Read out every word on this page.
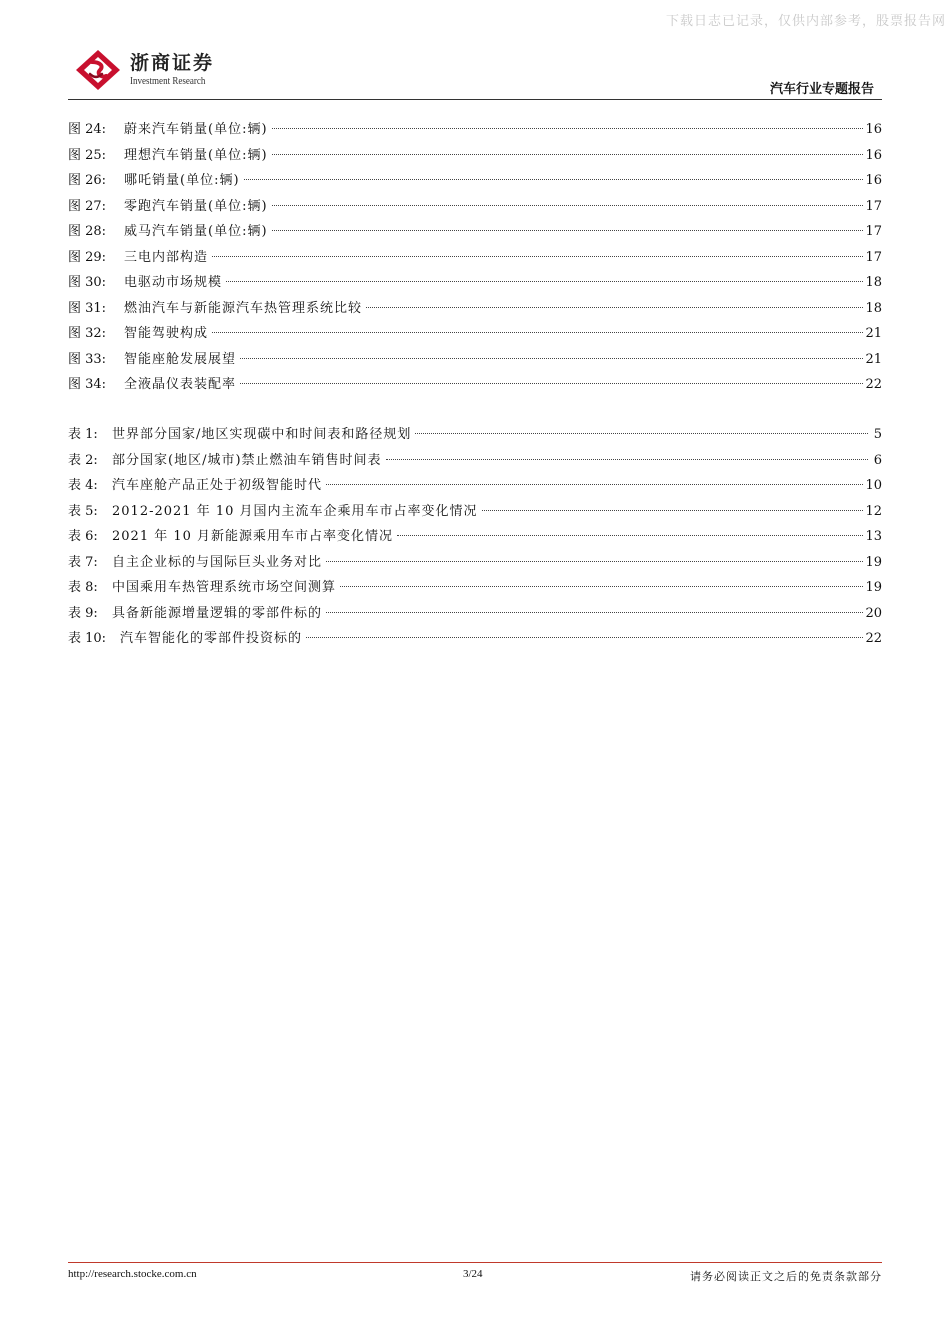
下载日志已记录，仅供内部参考，股票报告网
浙商证券
Investment Research
汽车行业专题报告
图 24:	蔚来汽车销量(单位:辆)	16
图 25:	理想汽车销量(单位:辆)	16
图 26:	哪吒销量(单位:辆)	16
图 27:	零跑汽车销量(单位:辆)	17
图 28:	威马汽车销量(单位:辆)	17
图 29:	三电内部构造	17
图 30:	电驱动市场规模	18
图 31:	燃油汽车与新能源汽车热管理系统比较	18
图 32:	智能驾驶构成	21
图 33:	智能座舱发展展望	21
图 34:	全液晶仪表装配率	22
表 1:	世界部分国家/地区实现碳中和时间表和路径规划	5
表 2:	部分国家(地区/城市)禁止燃油车销售时间表	6
表 4:	汽车座舱产品正处于初级智能时代	10
表 5:	2012-2021 年 10 月国内主流车企乘用车市占率变化情况	12
表 6:	2021 年 10 月新能源乘用车市占率变化情况	13
表 7:	自主企业标的与国际巨头业务对比	19
表 8:	中国乘用车热管理系统市场空间测算	19
表 9:	具备新能源增量逻辑的零部件标的	20
表 10:	汽车智能化的零部件投资标的	22
http://research.stocke.com.cn	3/24	请务必阅读正文之后的免责条款部分
